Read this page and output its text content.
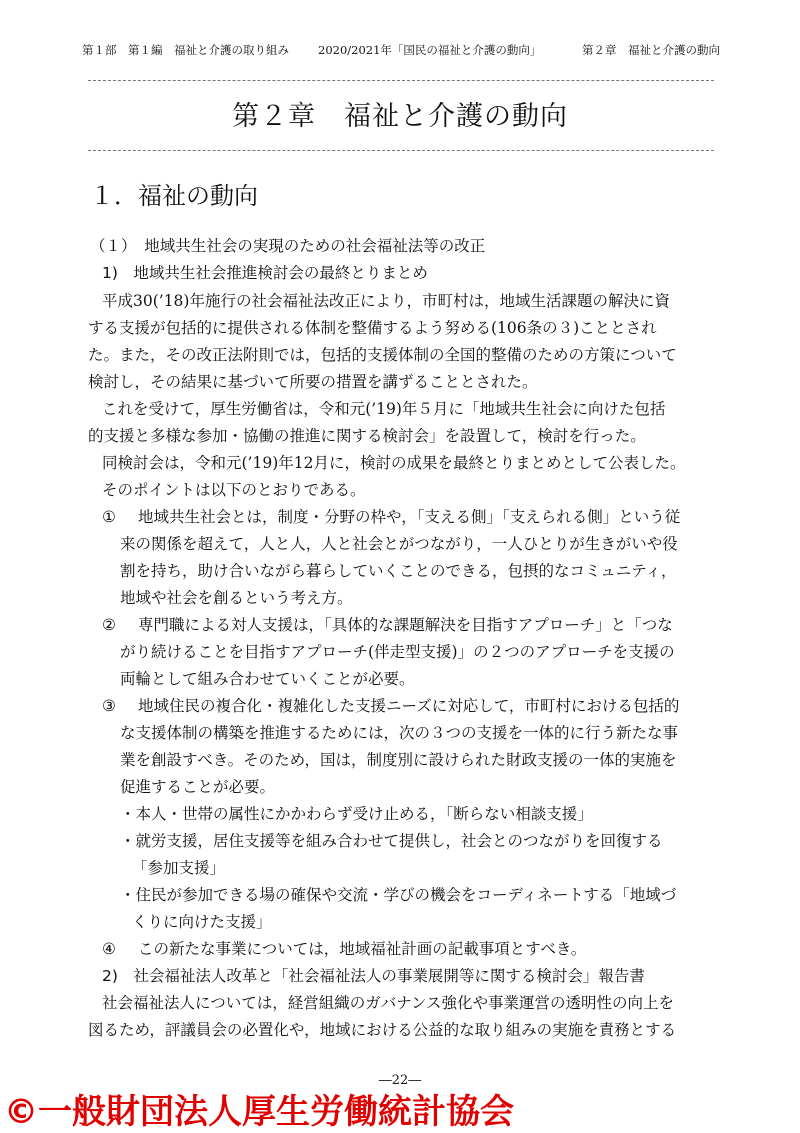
第１部　第１編　福祉と介護の取り組み	2020/2021年「国民の福祉と介護の動向」	第２章　福祉と介護の動向
第２章　福祉と介護の動向
１．福祉の動向
（１）　地域共生社会の実現のための社会福祉法等の改正
1)　地域共生社会推進検討会の最終とりまとめ
平成30(’18)年施行の社会福祉法改正により，市町村は，地域生活課題の解決に資
する支援が包括的に提供される体制を整備するよう努める(106条の３)こととされ
た。また，その改正法附則では，包括的支援体制の全国的整備のための方策について
検討し，その結果に基づいて所要の措置を講ずることとされた。
これを受けて，厚生労働省は，令和元(’19)年５月に「地域共生社会に向けた包括
的支援と多様な参加・協働の推進に関する検討会」を設置して，検討を行った。
同検討会は，令和元(’19)年12月に，検討の成果を最終とりまとめとして公表した。
そのポイントは以下のとおりである。
① 地域共生社会とは，制度・分野の枠や，「支える側」「支えられる側」という従
来の関係を超えて，人と人，人と社会とがつながり，一人ひとりが生きがいや役
割を持ち，助け合いながら暮らしていくことのできる，包摂的なコミュニティ，
地域や社会を創るという考え方。
② 専門職による対人支援は，「具体的な課題解決を目指すアプローチ」と「つな
がり続けることを目指すアプローチ(伴走型支援)」の２つのアプローチを支援の
両輪として組み合わせていくことが必要。
③ 地域住民の複合化・複雑化した支援ニーズに対応して，市町村における包括的
な支援体制の構築を推進するためには，次の３つの支援を一体的に行う新たな事
業を創設すべき。そのため，国は，制度別に設けられた財政支援の一体的実施を
促進することが必要。
・本人・世帯の属性にかかわらず受け止める，「断らない相談支援」
・就労支援，居住支援等を組み合わせて提供し，社会とのつながりを回復する
「参加支援」
・住民が参加できる場の確保や交流・学びの機会をコーディネートする「地域づ
くりに向けた支援」
④ この新たな事業については，地域福祉計画の記載事項とすべき。
2)　社会福祉法人改革と「社会福祉法人の事業展開等に関する検討会」報告書
社会福祉法人については，経営組織のガバナンス強化や事業運営の透明性の向上を
図るため，評議員会の必置化や，地域における公益的な取り組みの実施を責務とする
―22―
©一般財団法人厚生労働統計協会
